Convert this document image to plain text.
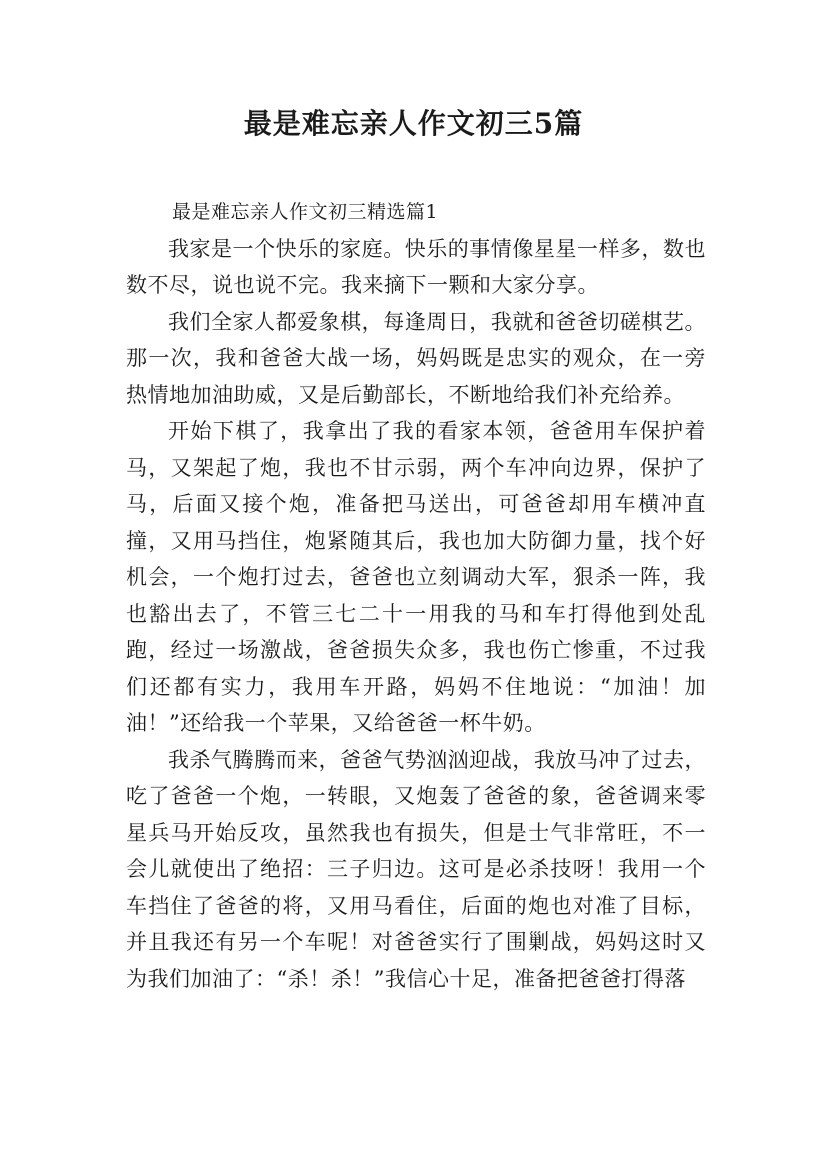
最是难忘亲人作文初三5篇
最是难忘亲人作文初三精选篇1

我家是一个快乐的家庭。快乐的事情像星星一样多，数也数不尽，说也说不完。我来摘下一颗和大家分享。

我们全家人都爱象棋，每逢周日，我就和爸爸切磋棋艺。那一次，我和爸爸大战一场，妈妈既是忠实的观众，在一旁热情地加油助威，又是后勤部长，不断地给我们补充给养。

开始下棋了，我拿出了我的看家本领，爸爸用车保护着马，又架起了炮，我也不甘示弱，两个车冲向边界，保护了马，后面又接个炮，准备把马送出，可爸爸却用车横冲直撞，又用马挡住，炮紧随其后，我也加大防御力量，找个好机会，一个炮打过去，爸爸也立刻调动大军，狠杀一阵，我也豁出去了，不管三七二十一用我的马和车打得他到处乱跑，经过一场激战，爸爸损失众多，我也伤亡惨重，不过我们还都有实力，我用车开路，妈妈不住地说：“加油！加油！”还给我一个苹果，又给爸爸一杯牛奶。

我杀气腾腾而来，爸爸气势汹汹迎战，我放马冲了过去，吃了爸爸一个炮，一转眼，又炮轰了爸爸的象，爸爸调来零星兵马开始反攻，虽然我也有损失，但是士气非常旺，不一会儿就使出了绝招：三子归边。这可是必杀技呀！我用一个车挡住了爸爸的将，又用马看住，后面的炮也对准了目标，并且我还有另一个车呢！对爸爸实行了围剿战，妈妈这时又为我们加油了：“杀！杀！”我信心十足，准备把爸爸打得落
